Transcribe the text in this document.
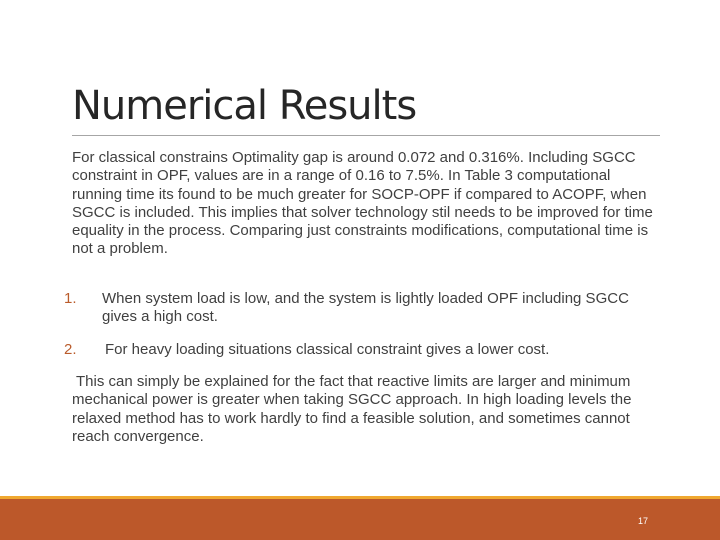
Numerical Results
For classical constrains Optimality gap is around 0.072 and 0.316%. Including SGCC constraint in OPF, values are in a range of 0.16 to 7.5%. In Table 3 computational running time its found to be much greater for SOCP-OPF if compared to ACOPF, when SGCC is included. This implies that solver technology stil needs to be improved for time equality in the process. Comparing just constraints modifications, computational time is not a problem.
1. When system load is low, and the system is lightly loaded OPF including SGCC gives a high cost.
2. For heavy loading situations classical constraint gives a lower cost.
This can simply be explained for the fact that reactive limits are larger and minimum mechanical power is greater when taking SGCC approach. In high loading levels the relaxed method has to work hardly to find a feasible solution, and sometimes cannot reach convergence.
17
